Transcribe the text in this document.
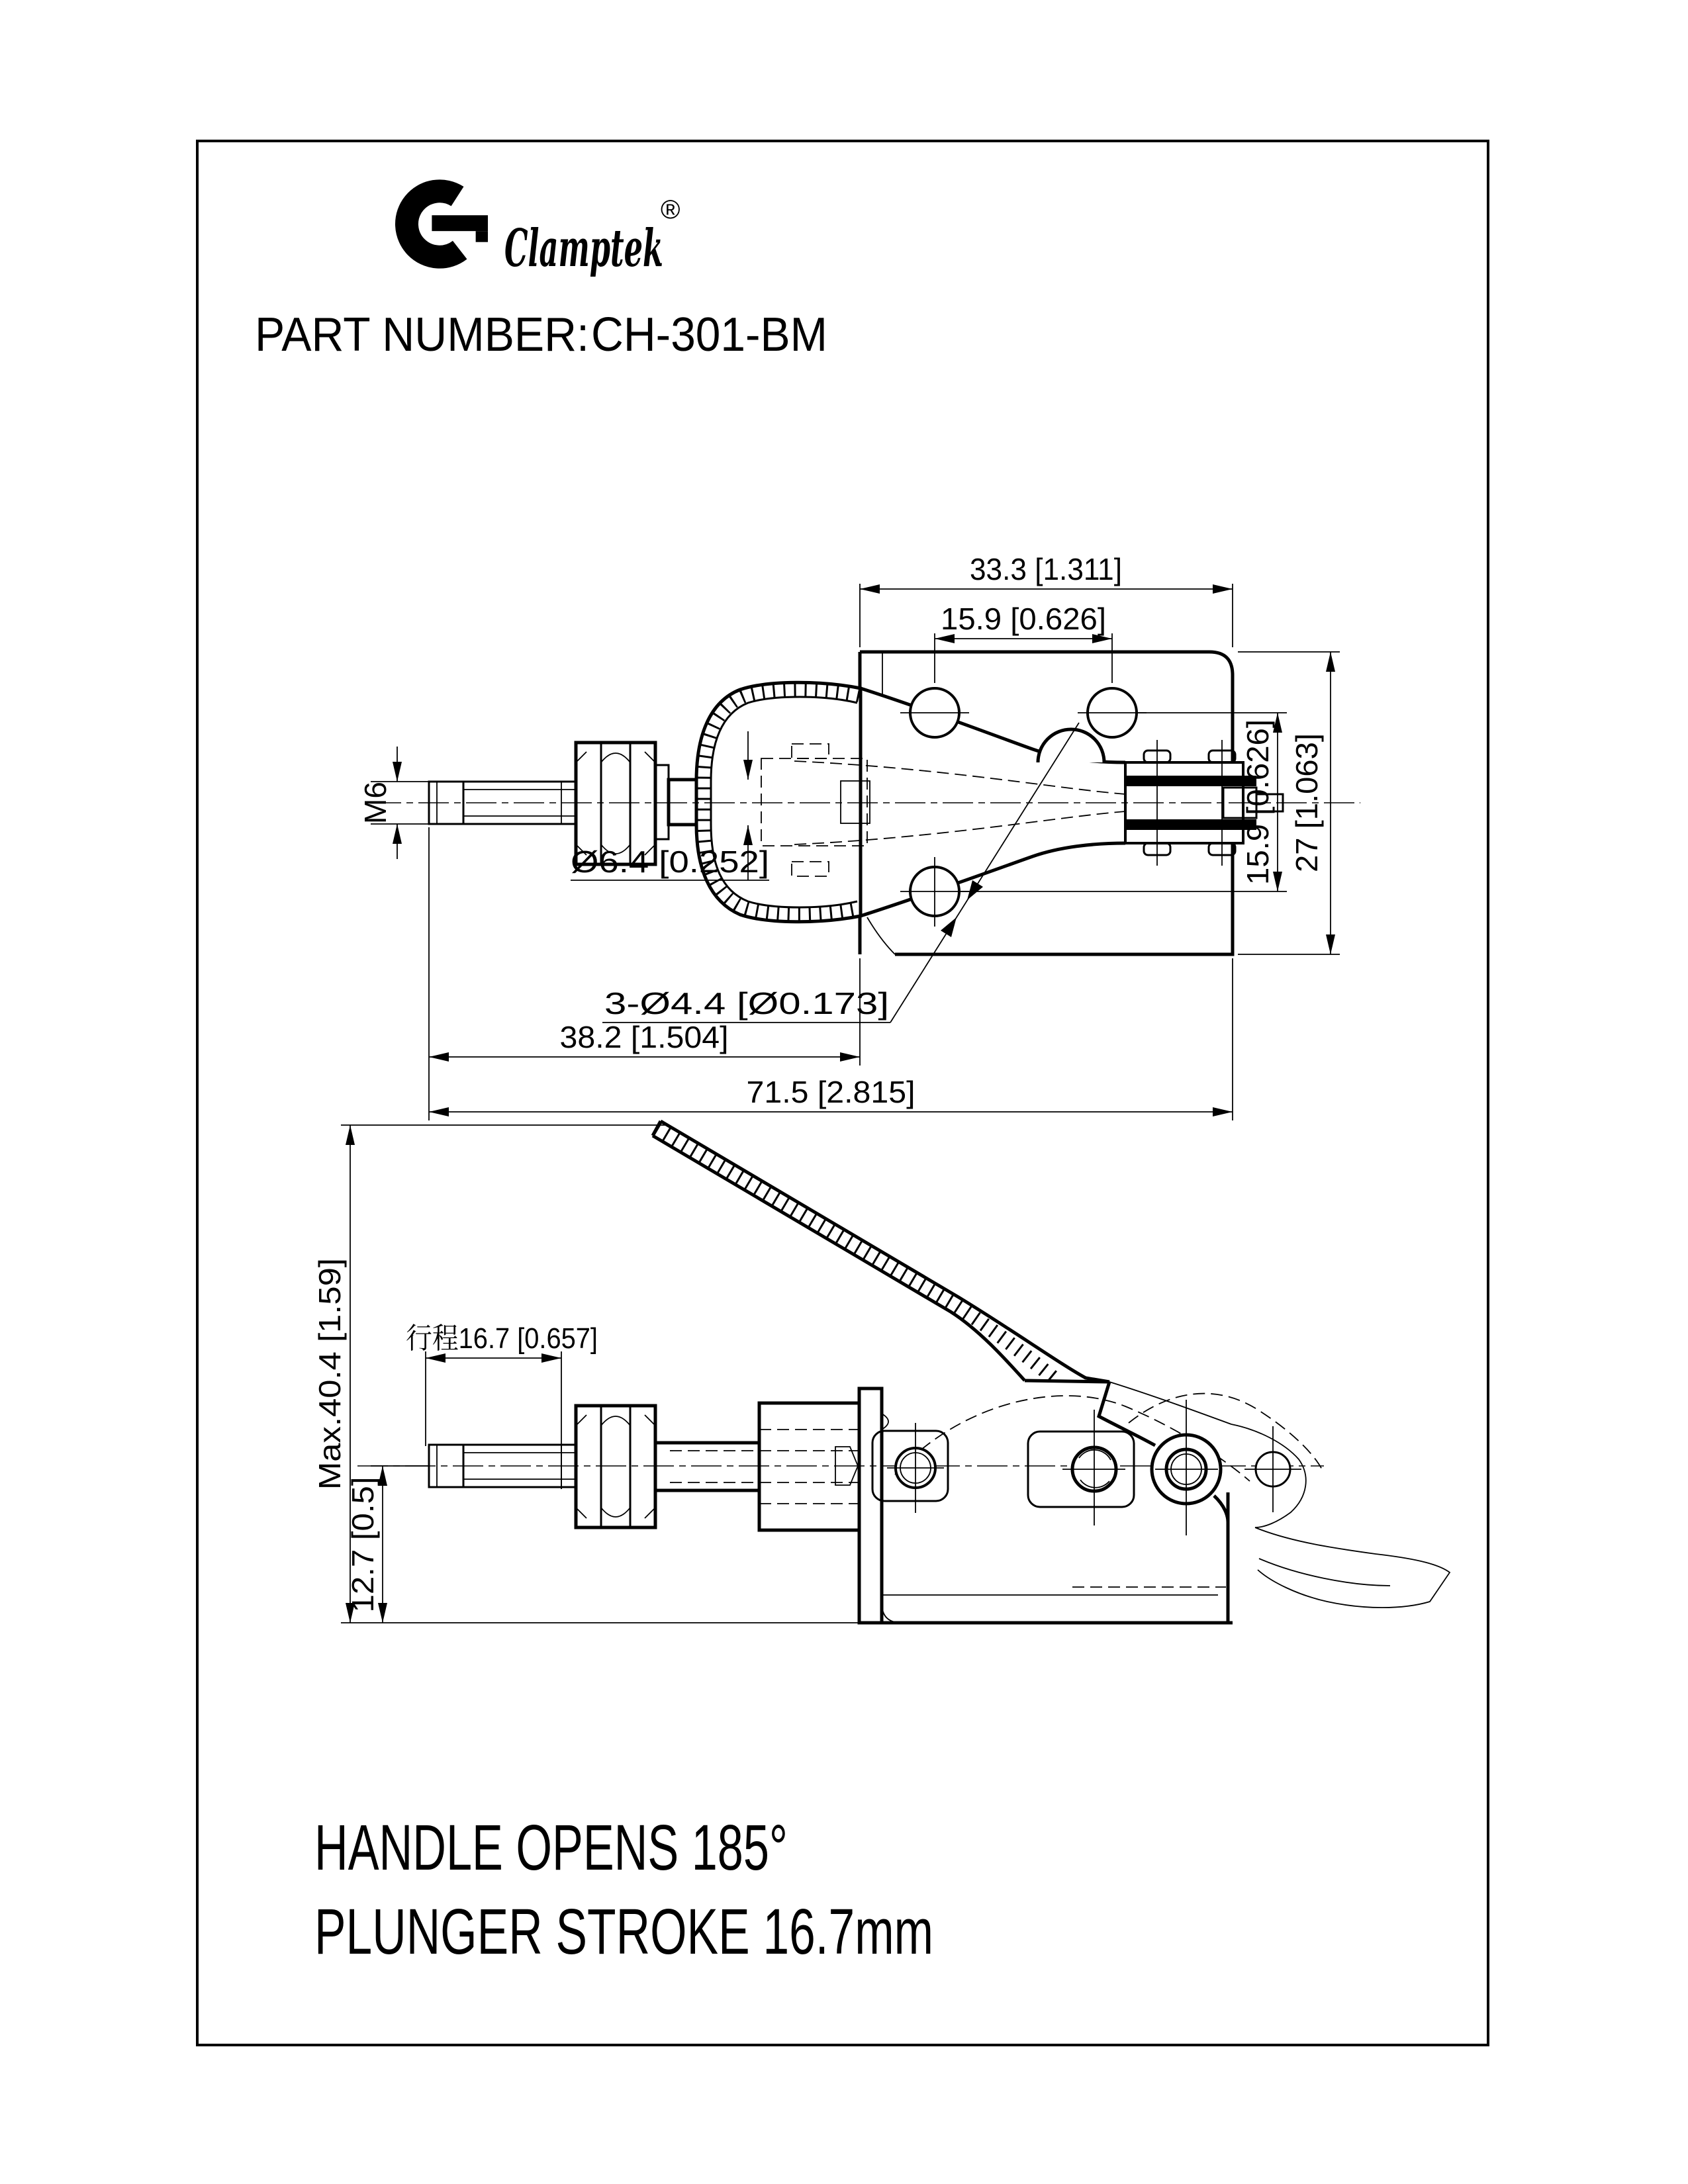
Clamptek
®
PART NUMBER: CH-301-BM
33.3 [1.311]
15.9 [0.626]
15.9 [0.626] 27 [1.063]
M6
Ø6.4 [0.252]
3-Ø4.4 [Ø0.173]
38.2 [1.504]
71.5 [2.815]
Max.40.4 [1.59]
12.7 [0.5]
行程16.7 [0.657]
HANDLE OPENS 185°
PLUNGER STROKE 16.7mm
